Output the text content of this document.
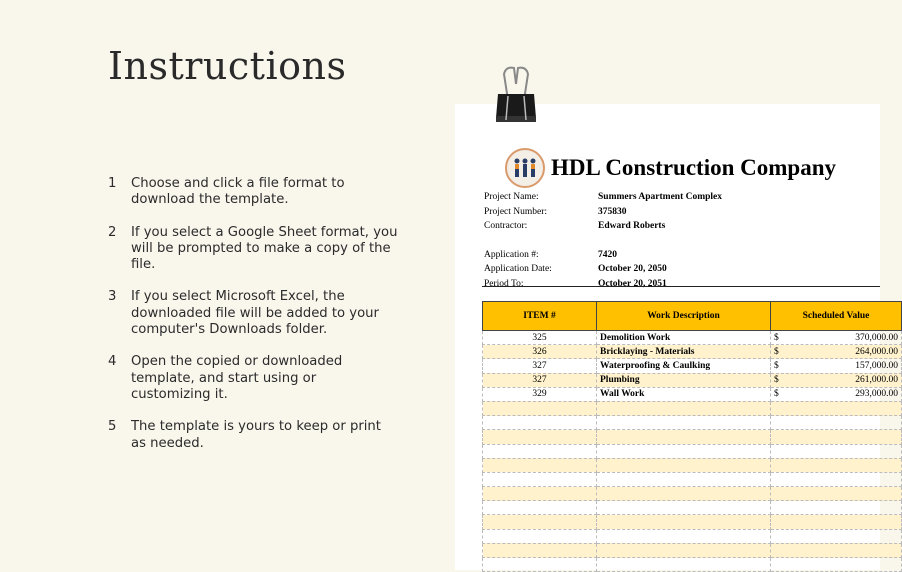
Instructions
1	Choose and click a file format to download the template.
2	If you select a Google Sheet format, you will be prompted to make a copy of the file.
3	If you select Microsoft Excel, the downloaded file will be added to your computer's Downloads folder.
4	Open the copied or downloaded template, and start using or customizing it.
5	The template is yours to keep or print as needed.
HDL Construction Company
Project Name:	Summers Apartment Complex
Project Number:	375830
Contractor:	Edward Roberts
Application #:	7420
Application Date:	October 20, 2050
Period To:	October 20, 2051
ITEM #	Work Description	Scheduled Value
325	Demolition Work	$ 370,000.00

326	Bricklaying - Materials	$ 264,000.00

327	Waterproofing & Caulking	$ 157,000.00

327	Plumbing	$ 261,000.00

329	Wall Work	$ 293,000.00
